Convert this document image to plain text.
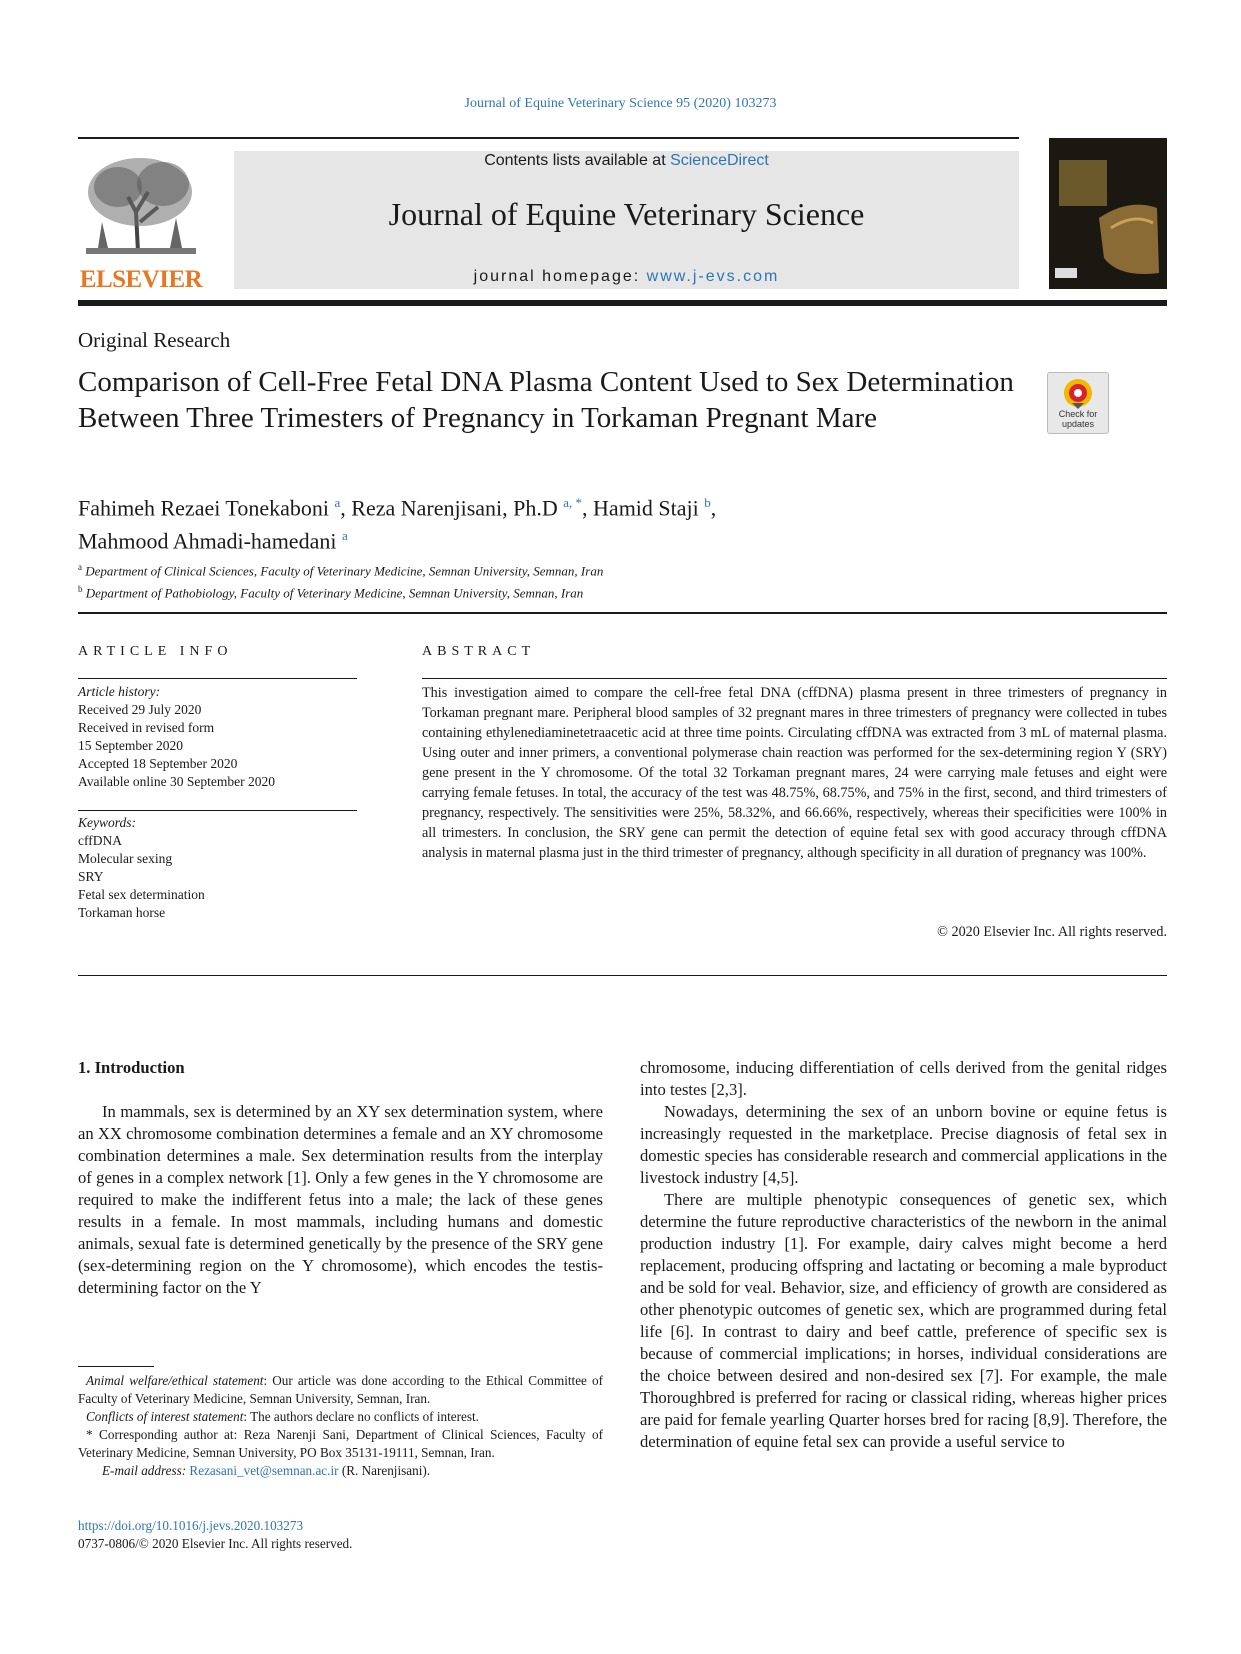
Journal of Equine Veterinary Science 95 (2020) 103273
ELSEVIER
Contents lists available at ScienceDirect
Journal of Equine Veterinary Science
journal homepage: www.j-evs.com
Original Research
Comparison of Cell-Free Fetal DNA Plasma Content Used to Sex Determination Between Three Trimesters of Pregnancy in Torkaman Pregnant Mare	Check for updates
Fahimeh Rezaei Tonekaboni $^a$, Reza Narenjisani, Ph.D $^{a, *}$, Hamid Staji $^b$,
Mahmood Ahmadi-hamedani $^a$
$^a$ Department of Clinical Sciences, Faculty of Veterinary Medicine, Semnan University, Semnan, Iran
$^b$ Department of Pathobiology, Faculty of Veterinary Medicine, Semnan University, Semnan, Iran
ARTICLE INFO
Article history:
Received 29 July 2020
Received in revised form
15 September 2020
Accepted 18 September 2020
Available online 30 September 2020
Keywords:
cffDNA
Molecular sexing
SRY
Fetal sex determination
Torkaman horse
ABSTRACT
This investigation aimed to compare the cell-free fetal DNA (cffDNA) plasma present in three trimesters of pregnancy in Torkaman pregnant mare. Peripheral blood samples of 32 pregnant mares in three trimesters of pregnancy were collected in tubes containing ethylenediaminetetraacetic acid at three time points. Circulating cffDNA was extracted from 3 mL of maternal plasma. Using outer and inner primers, a conventional polymerase chain reaction was performed for the sex-determining region Y (SRY) gene present in the Y chromosome. Of the total 32 Torkaman pregnant mares, 24 were carrying male fetuses and eight were carrying female fetuses. In total, the accuracy of the test was 48.75%, 68.75%, and 75% in the first, second, and third trimesters of pregnancy, respectively. The sensitivities were 25%, 58.32%, and 66.66%, respectively, whereas their specificities were 100% in all trimesters. In conclusion, the SRY gene can permit the detection of equine fetal sex with good accuracy through cffDNA analysis in maternal plasma just in the third trimester of pregnancy, although specificity in all duration of pregnancy was 100%.
© 2020 Elsevier Inc. All rights reserved.
1. Introduction

In mammals, sex is determined by an XY sex determination system, where an XX chromosome combination determines a female and an XY chromosome combination determines a male. Sex determination results from the interplay of genes in a complex network [1]. Only a few genes in the Y chromosome are required to make the indifferent fetus into a male; the lack of these genes results in a female. In most mammals, including humans and domestic animals, sexual fate is determined genetically by the presence of the SRY gene (sex-determining region on the Y chromosome), which encodes the testis-determining factor on the Y

chromosome, inducing differentiation of cells derived from the genital ridges into testes [2,3].

Nowadays, determining the sex of an unborn bovine or equine fetus is increasingly requested in the marketplace. Precise diagnosis of fetal sex in domestic species has considerable research and commercial applications in the livestock industry [4,5].

There are multiple phenotypic consequences of genetic sex, which determine the future reproductive characteristics of the newborn in the animal production industry [1]. For example, dairy calves might become a herd replacement, producing offspring and lactating or becoming a male byproduct and be sold for veal. Behavior, size, and efficiency of growth are considered as other phenotypic outcomes of genetic sex, which are programmed during fetal life [6]. In contrast to dairy and beef cattle, preference of specific sex is because of commercial implications; in horses, individual considerations are the choice between desired and non-desired sex [7]. For example, the male Thoroughbred is preferred for racing or classical riding, whereas higher prices are paid for female yearling Quarter horses bred for racing [8,9]. Therefore, the determination of equine fetal sex can provide a useful service to

Animal welfare/ethical statement: Our article was done according to the Ethical Committee of Faculty of Veterinary Medicine, Semnan University, Semnan, Iran.

Conflicts of interest statement: The authors declare no conflicts of interest.

* Corresponding author at: Reza Narenji Sani, Department of Clinical Sciences, Faculty of Veterinary Medicine, Semnan University, PO Box 35131-19111, Semnan, Iran.

E-mail address: Rezasani_vet@semnan.ac.ir (R. Narenjisani).

https://doi.org/10.1016/j.jevs.2020.103273
0737-0806/© 2020 Elsevier Inc. All rights reserved.
